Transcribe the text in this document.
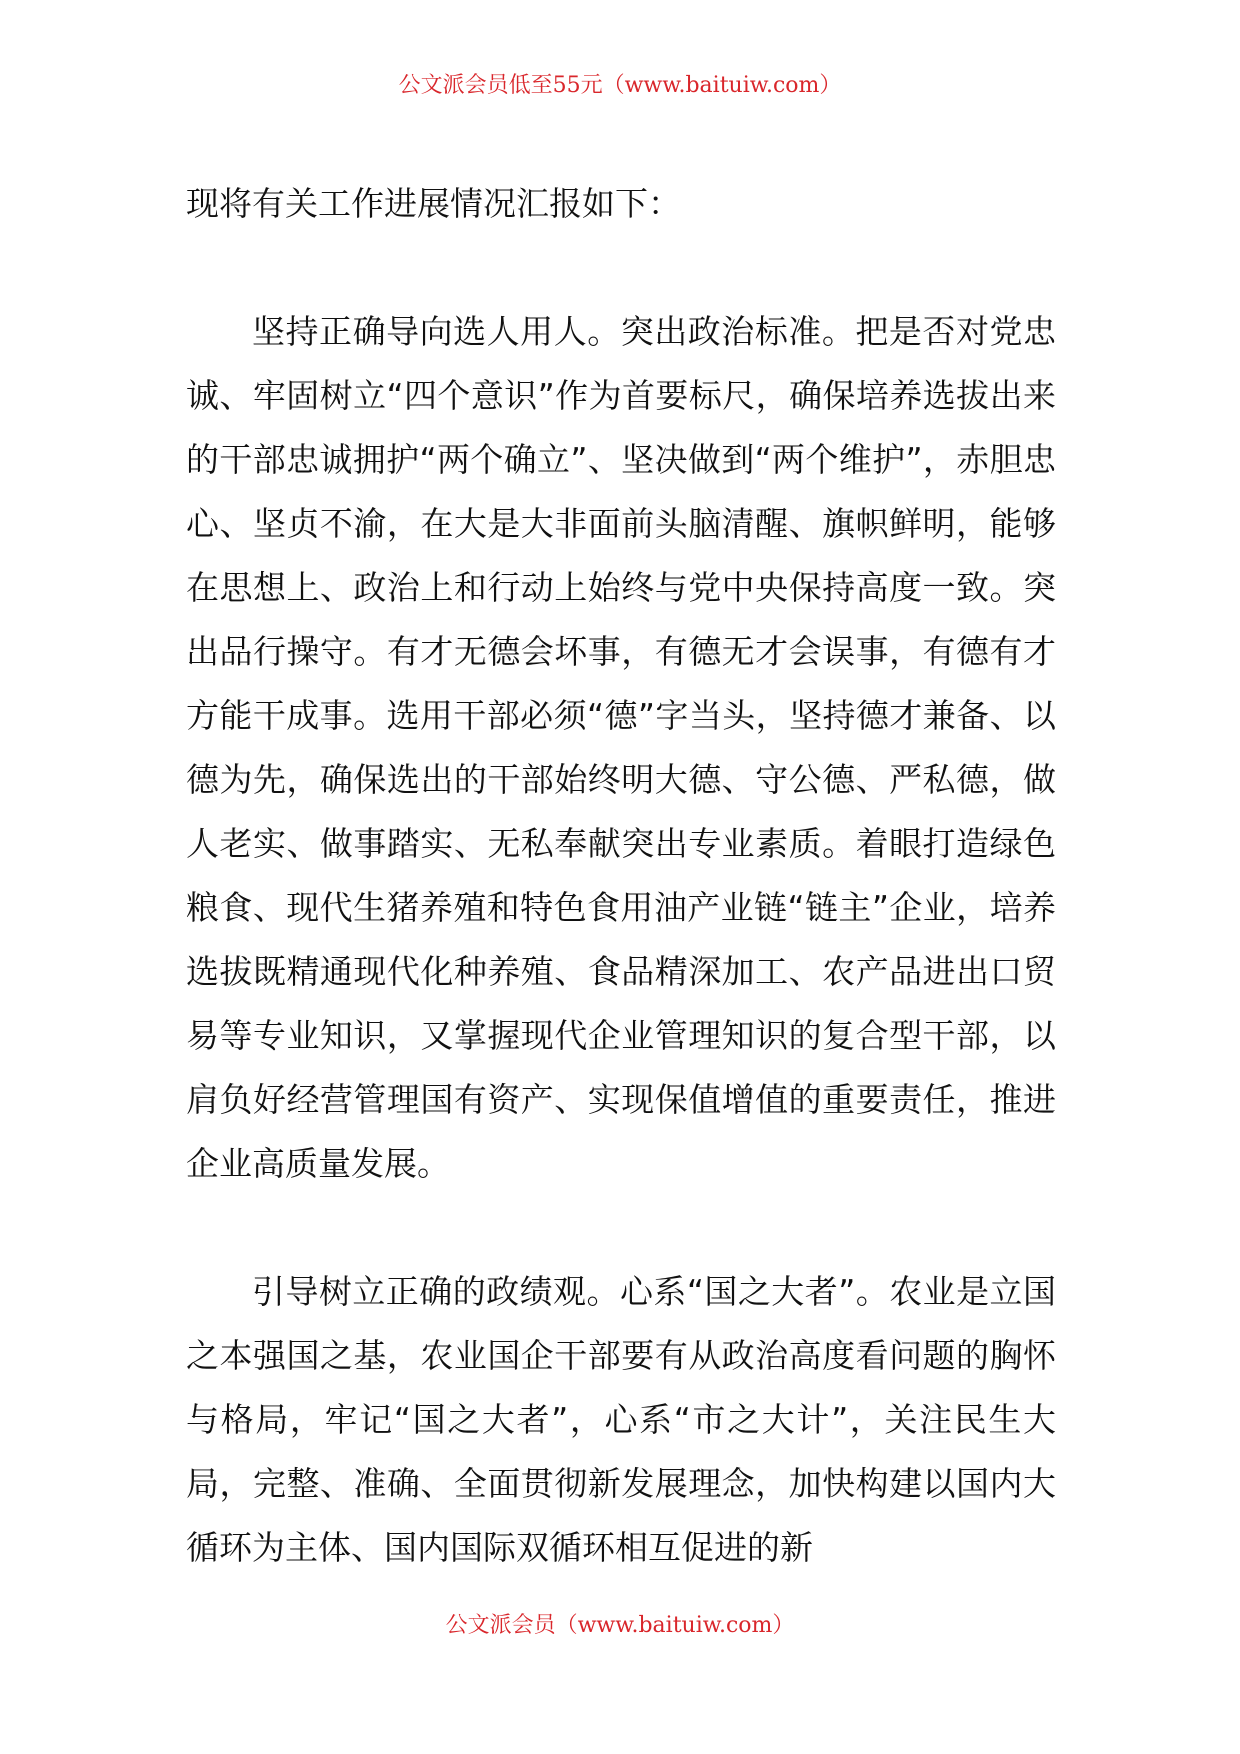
公文派会员低至55元（www.baituiw.com）

现将有关工作进展情况汇报如下：

坚持正确导向选人用人。突出政治标准。把是否对党忠诚、牢固树立“四个意识”作为首要标尺，确保培养选拔出来的干部忠诚拥护“两个确立”、坚决做到“两个维护”，赤胆忠心、坚贞不渝，在大是大非面前头脑清醒、旗帜鲜明，能够在思想上、政治上和行动上始终与党中央保持高度一致。突出品行操守。有才无德会坏事，有德无才会误事，有德有才方能干成事。选用干部必须“德”字当头，坚持德才兼备、以德为先，确保选出的干部始终明大德、守公德、严私德，做人老实、做事踏实、无私奉献突出专业素质。着眼打造绿色粮食、现代生猪养殖和特色食用油产业链“链主”企业，培养选拔既精通现代化种养殖、食品精深加工、农产品进出口贸易等专业知识，又掌握现代企业管理知识的复合型干部，以肩负好经营管理国有资产、实现保值增值的重要责任，推进企业高质量发展。

引导树立正确的政绩观。心系“国之大者”。农业是立国之本强国之基，农业国企干部要有从政治高度看问题的胸怀与格局，牢记“国之大者”，心系“市之大计”，关注民生大局，完整、准确、全面贯彻新发展理念，加快构建以国内大循环为主体、国内国际双循环相互促进的新

公文派会员（www.baituiw.com）
